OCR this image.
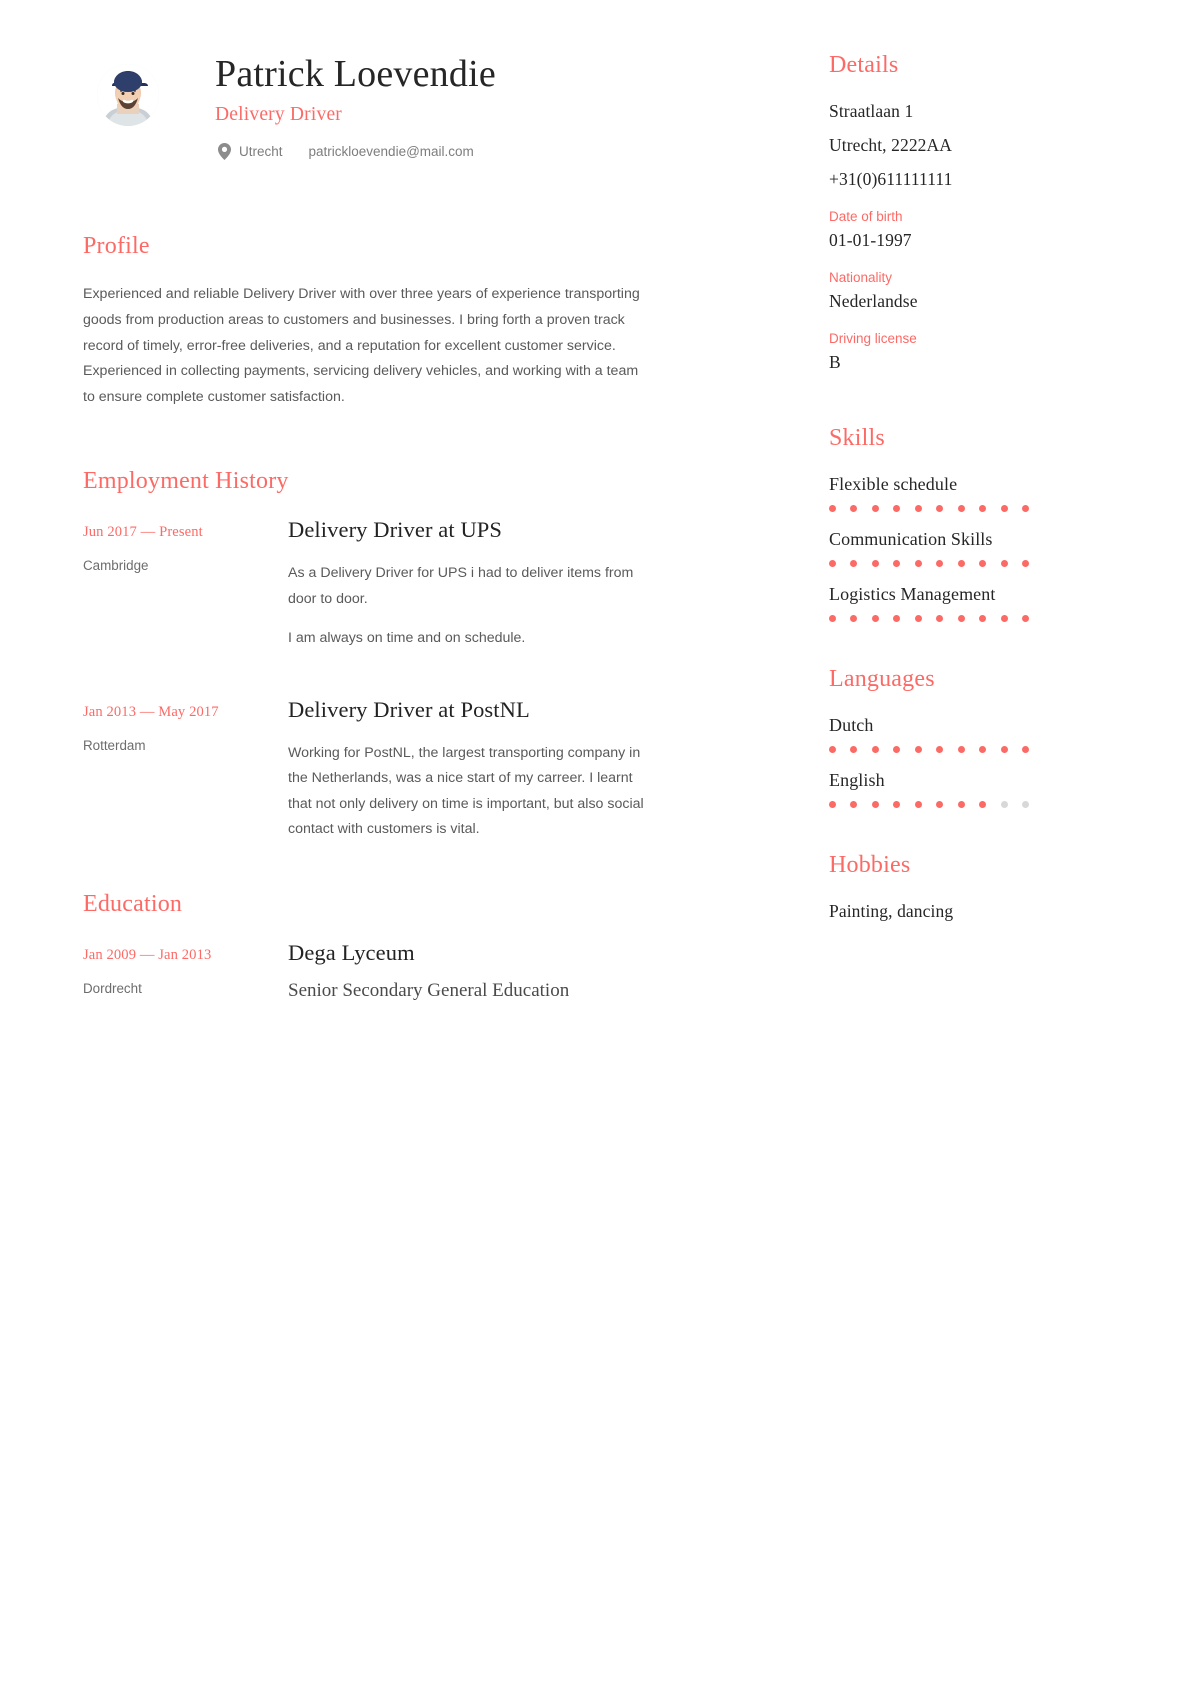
Patrick Loevendie
Delivery Driver
Utrecht patrickloevendie@mail.com
Profile
Experienced and reliable Delivery Driver with over three years of experience transporting goods from production areas to customers and businesses. I bring forth a proven track record of timely, error-free deliveries, and a reputation for excellent customer service. Experienced in collecting payments, servicing delivery vehicles, and working with a team to ensure complete customer satisfaction.
Employment History
Jun 2017 — Present
Cambridge
Delivery Driver at UPS
As a Delivery Driver for UPS i had to deliver items from door to door.
I am always on time and on schedule.
Jan 2013 — May 2017
Rotterdam
Delivery Driver at PostNL
Working for PostNL, the largest transporting company in the Netherlands, was a nice start of my carreer. I learnt that not only delivery on time is important, but also social contact with customers is vital.
Education
Jan 2009 — Jan 2013
Dordrecht
Dega Lyceum
Senior Secondary General Education
Details
Straatlaan 1
Utrecht, 2222AA
+31(0)611111111
Date of birth
01-01-1997
Nationality
Nederlandse
Driving license
B
Skills
Flexible schedule
Communication Skills
Logistics Management
Languages
Dutch
English
Hobbies
Painting, dancing
